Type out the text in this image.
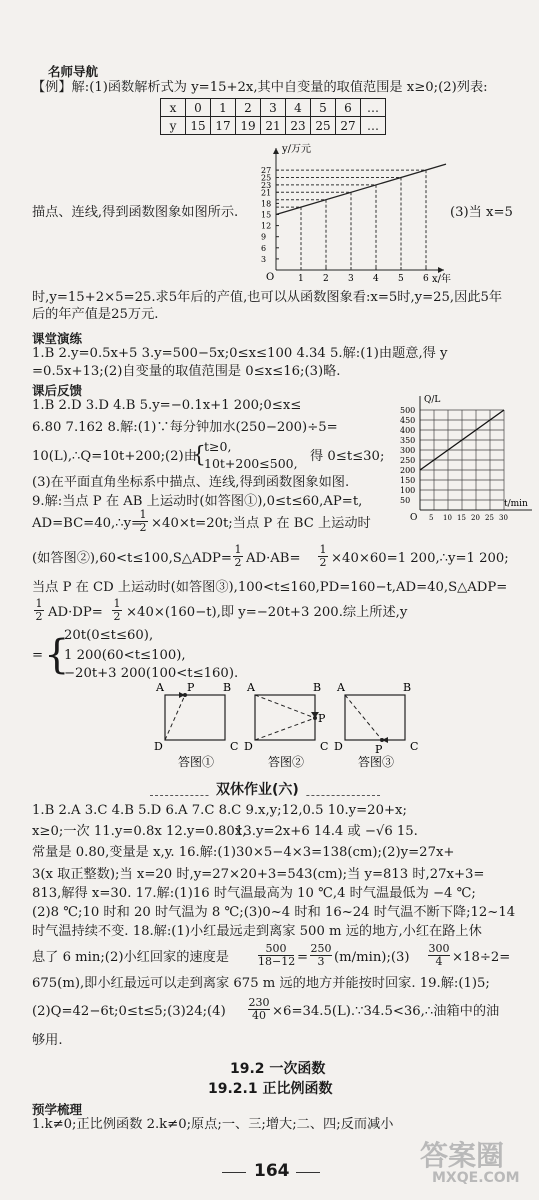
名师导航
【例】解:(1)函数解析式为 y=15+2x,其中自变量的取值范围是 x≥0;(2)列表:
x	0	1	2	3	4	5	6	…
y	15	17	19	21	23	25	27	…
y/万元
x/年
O	1 2 3 4 5 6
3
6
9
12
15
18
21
23
25
27
描点、连线,得到函数图象如图所示.	(3)当 x=5
时,y=15+2×5=25.求5年后的产值,也可以从函数图象看:x=5时,y=25,因此5年
后的年产值是25万元.
课堂演练
1.B 2.y=0.5x+5 3.y=500−5x;0≤x≤100 4.34 5.解:(1)由题意,得 y
=0.5x+13;(2)自变量的取值范围是 0≤x≤16;(3)略.
课后反馈
1.B 2.D 3.D 4.B 5.y=−0.1x+1 200;0≤x≤
6.80 7.162 8.解:(1)∵每分钟加水(250−200)÷5=
10(L),∴Q=10t+200;(2)由
{
t≥0,
10t+200≤500, 得 0≤t≤30;
(3)在平面直角坐标系中描点、连线,得到函数图象如图.
9.解:当点 P 在 AB 上运动时(如答图①),0≤t≤60,AP=t,
Q/L
t/min
O
50
100
150
200
250
300
350
400
450
500
5 10 15 20 25 30
AD=BC=40,∴y=
1
2 ×40×t=20t;当点 P 在 BC 上运动时
(如答图②),60<t≤100,S△ADP=
1
2 AD·AB=
1
2 ×40×60=1 200,∴y=1 200;
当点 P 在 CD 上运动时(如答图③),100<t≤160,PD=160−t,AD=40,S△ADP=
1
2 AD·DP=
1
2 ×40×(160−t),即 y=−20t+3 200.综上所述,y
= {
20t(0≤t≤60),
1 200(60<t≤100),
−20t+3 200(100<t≤160).
A P	B
C
D
答图①
A	B
P
C
D
答图②
A	B
P	C
D
答图③
双休作业(六)
1.B 2.A 3.C 4.B 5.D 6.A 7.C 8.C 9.x,y;12,0.5 10.y=20+x;
x≥0;一次 11.y=0.8x 12.y=0.80x,
13.y=2x+6 14.4 或 −√6 15.
常量是 0.80,变量是 x,y. 16.解:(1)30×5−4×3=138(cm);(2)y=27x+
3(x 取正整数);当 x=20 时,y=27×20+3=543(cm);当 y=813 时,27x+3=
813,解得 x=30. 17.解:(1)16 时气温最高为 10 ℃,4 时气温最低为 −4 ℃;
(2)8 ℃;10 时和 20 时气温为 8 ℃;(3)0~4 时和 16~24 时气温不断下降;12~14
时气温持续不变. 18.解:(1)小红最远走到离家 500 m 远的地方,小红在路上休
息了 6 min;(2)小红回家的速度是
500
18−12 =
250
3 (m/min);(3)
300
4 ×18÷2=
675(m),即小红最远可以走到离家 675 m 远的地方并能按时回家. 19.解:(1)5;
(2)Q=42−6t;0≤t≤5;(3)24;(4)
230
40 ×6=34.5(L).∵34.5<36,∴油箱中的油
够用.
19.2 一次函数
19.2.1 正比例函数
预学梳理
1.k≠0;正比例函数 2.k≠0;原点;一、三;增大;二、四;反而减小
164	答案圈
MXQE.COM
